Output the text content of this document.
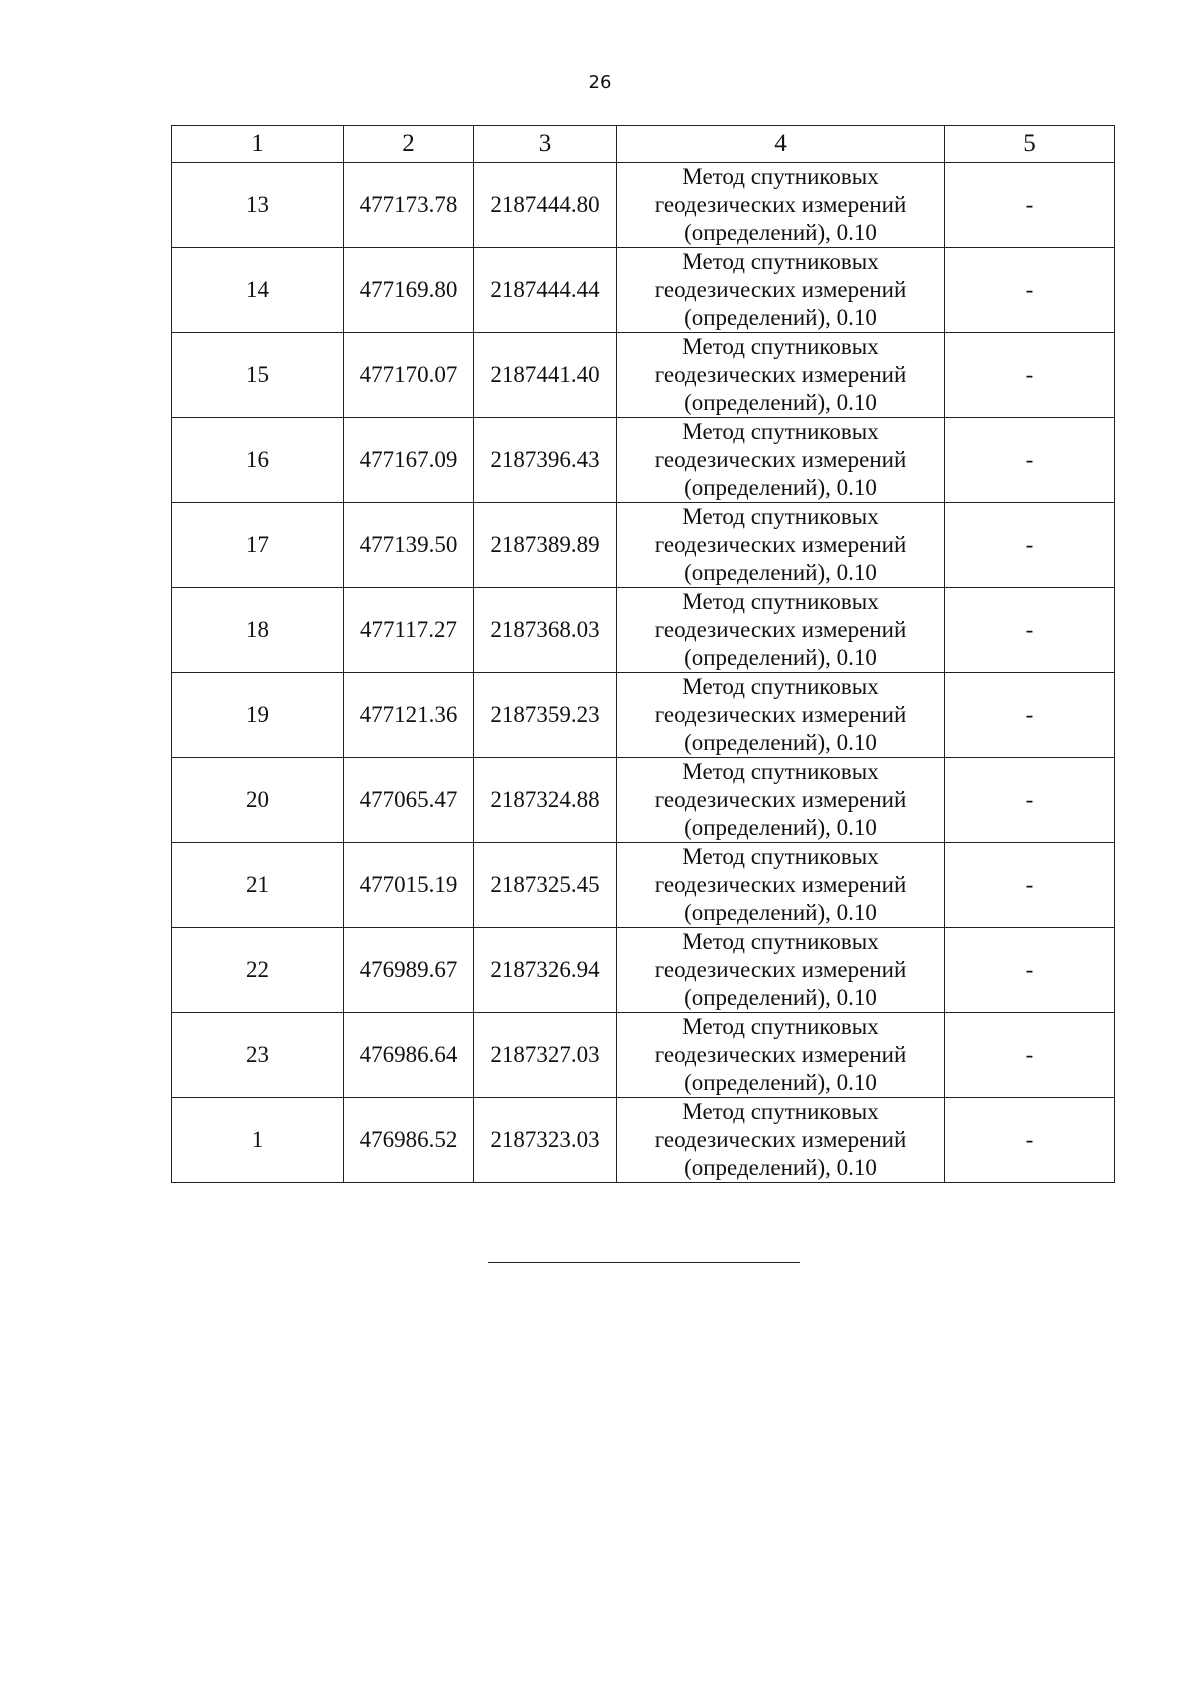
26
1	2	3	4	5
13	477173.78	2187444.80	Метод спутниковых
геодезических измерений
(определений), 0.10	-
14	477169.80	2187444.44	Метод спутниковых
геодезических измерений
(определений), 0.10	-
15	477170.07	2187441.40	Метод спутниковых
геодезических измерений
(определений), 0.10	-
16	477167.09	2187396.43	Метод спутниковых
геодезических измерений
(определений), 0.10	-
17	477139.50	2187389.89	Метод спутниковых
геодезических измерений
(определений), 0.10	-
18	477117.27	2187368.03	Метод спутниковых
геодезических измерений
(определений), 0.10	-
19	477121.36	2187359.23	Метод спутниковых
геодезических измерений
(определений), 0.10	-
20	477065.47	2187324.88	Метод спутниковых
геодезических измерений
(определений), 0.10	-
21	477015.19	2187325.45	Метод спутниковых
геодезических измерений
(определений), 0.10	-
22	476989.67	2187326.94	Метод спутниковых
геодезических измерений
(определений), 0.10	-
23	476986.64	2187327.03	Метод спутниковых
геодезических измерений
(определений), 0.10	-
1	476986.52	2187323.03	Метод спутниковых
геодезических измерений
(определений), 0.10	-
